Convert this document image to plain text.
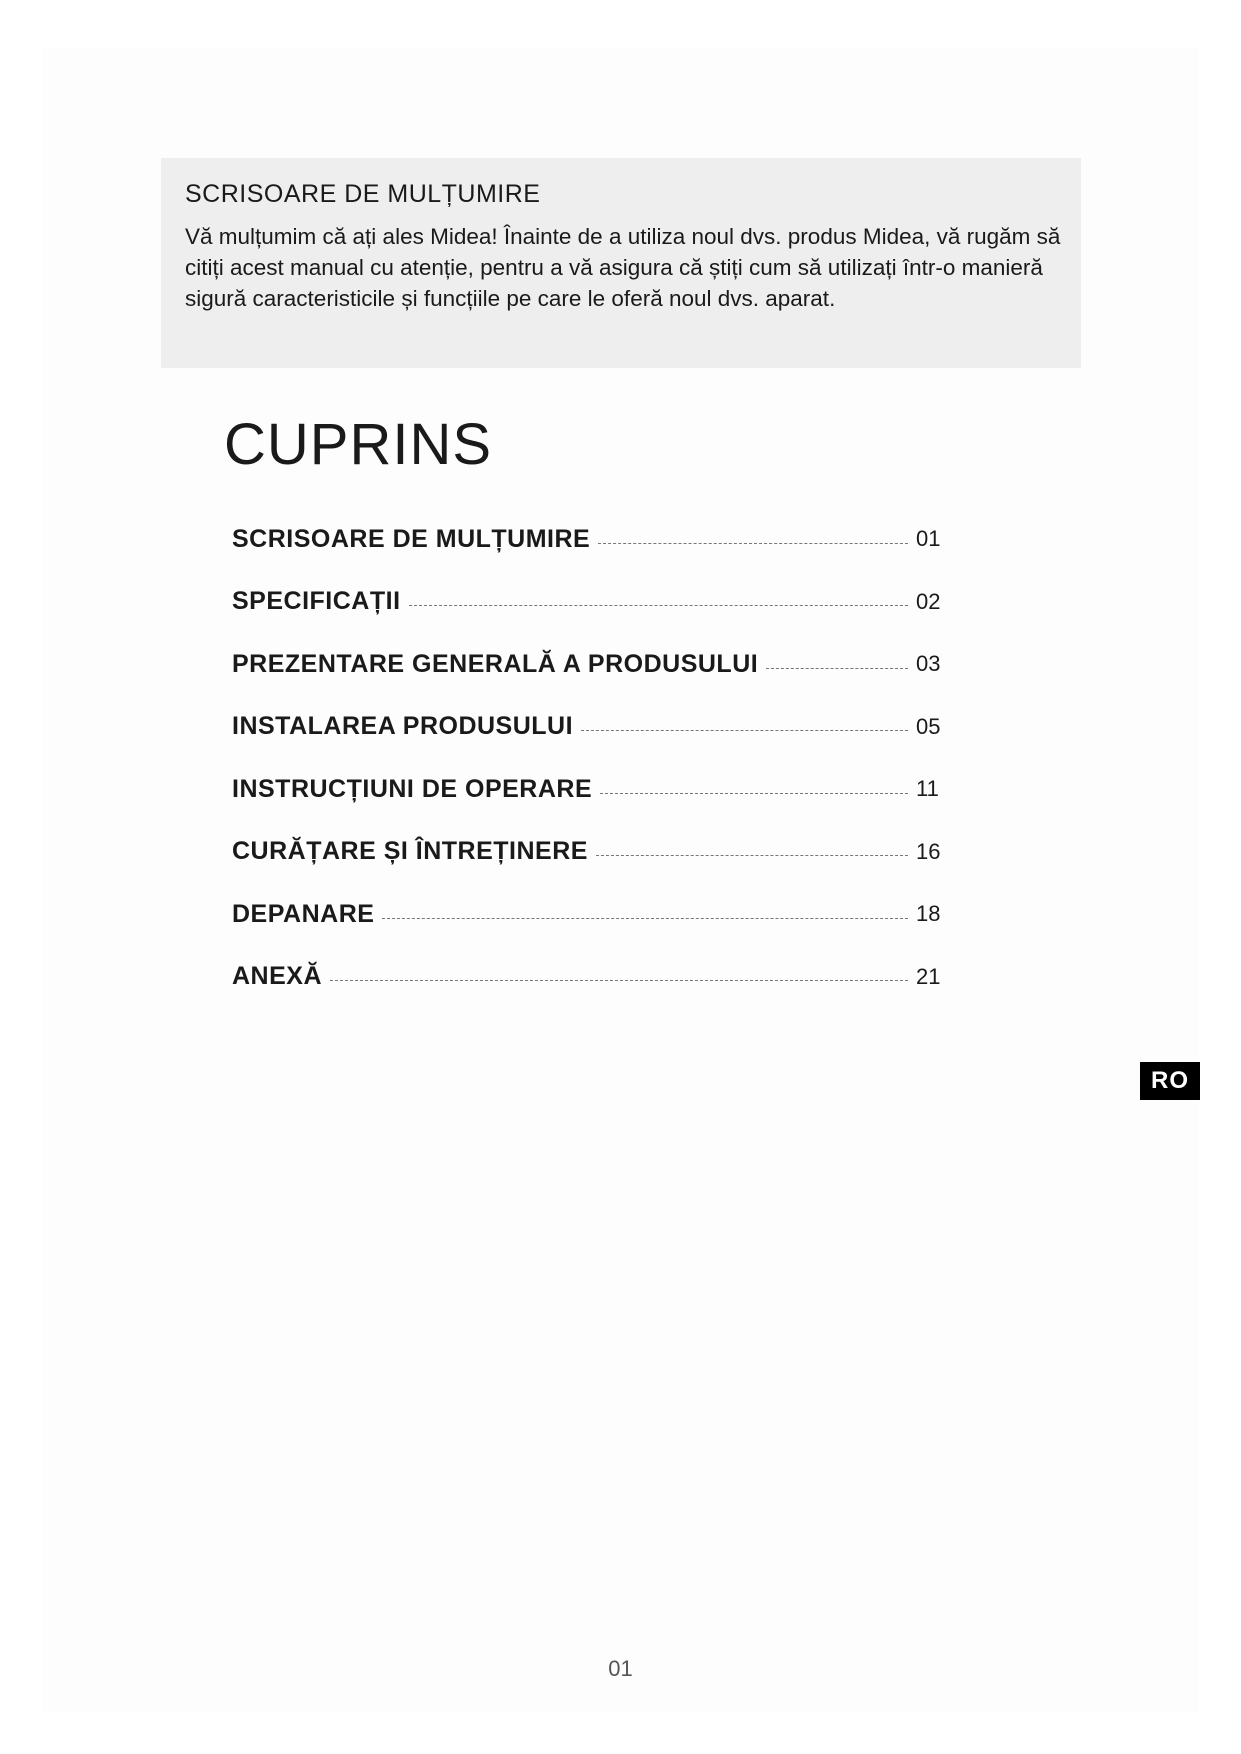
SCRISOARE DE MULȚUMIRE

Vă mulțumim că ați ales Midea! Înainte de a utiliza noul dvs. produs Midea, vă rugăm să citiți acest manual cu atenție, pentru a vă asigura că știți cum să utilizați într-o manieră sigură caracteristicile și funcțiile pe care le oferă noul dvs. aparat.

CUPRINS
SCRISOARE DE MULȚUMIRE	01
SPECIFICAȚII	02
PREZENTARE GENERALĂ A PRODUSULUI	03
INSTALAREA PRODUSULUI	05
INSTRUCȚIUNI DE OPERARE	11
CURĂȚARE ȘI ÎNTREȚINERE	16
DEPANARE	18
ANEXĂ	21
RO
01
